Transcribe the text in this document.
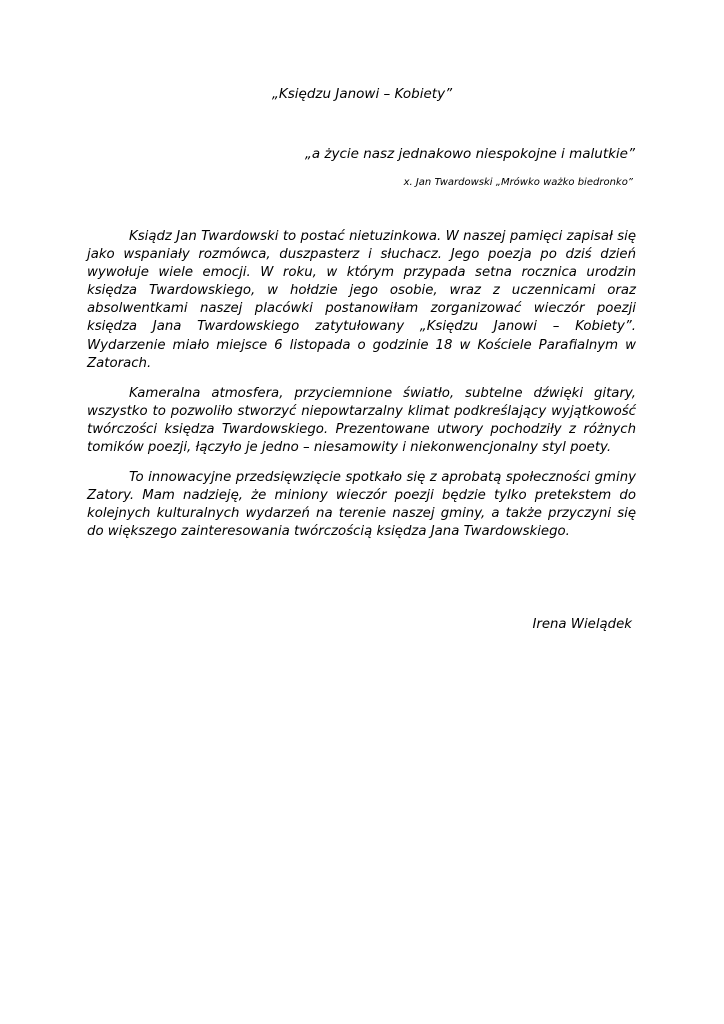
„Księdzu Janowi – Kobiety”
„a życie nasz jednakowo niespokojne i malutkie”
x. Jan Twardowski „Mrówko ważko biedronko”

Ksiądz Jan Twardowski to postać nietuzinkowa. W naszej pamięci zapisał się jako wspaniały rozmówca, duszpasterz i słuchacz. Jego poezja po dziś dzień wywołuje wiele emocji. W roku, w którym przypada setna rocznica urodzin księdza Twardowskiego, w hołdzie jego osobie, wraz z uczennicami oraz absolwentkami naszej placówki postanowiłam zorganizować wieczór poezji księdza Jana Twardowskiego zatytułowany „Księdzu Janowi – Kobiety”. Wydarzenie miało miejsce 6 listopada o godzinie 18 w Kościele Parafialnym w Zatorach.

Kameralna atmosfera, przyciemnione światło, subtelne dźwięki gitary, wszystko to pozwoliło stworzyć niepowtarzalny klimat podkreślający wyjątkowość twórczości księdza Twardowskiego. Prezentowane utwory pochodziły z różnych tomików poezji, łączyło je jedno – niesamowity i niekonwencjonalny styl poety.

To innowacyjne przedsięwzięcie spotkało się z aprobatą społeczności gminy Zatory. Mam nadzieję, że miniony wieczór poezji będzie tylko pretekstem do kolejnych kulturalnych wydarzeń na terenie naszej gminy, a także przyczyni się do większego zainteresowania twórczością księdza Jana Twardowskiego.

Irena Wielądek
